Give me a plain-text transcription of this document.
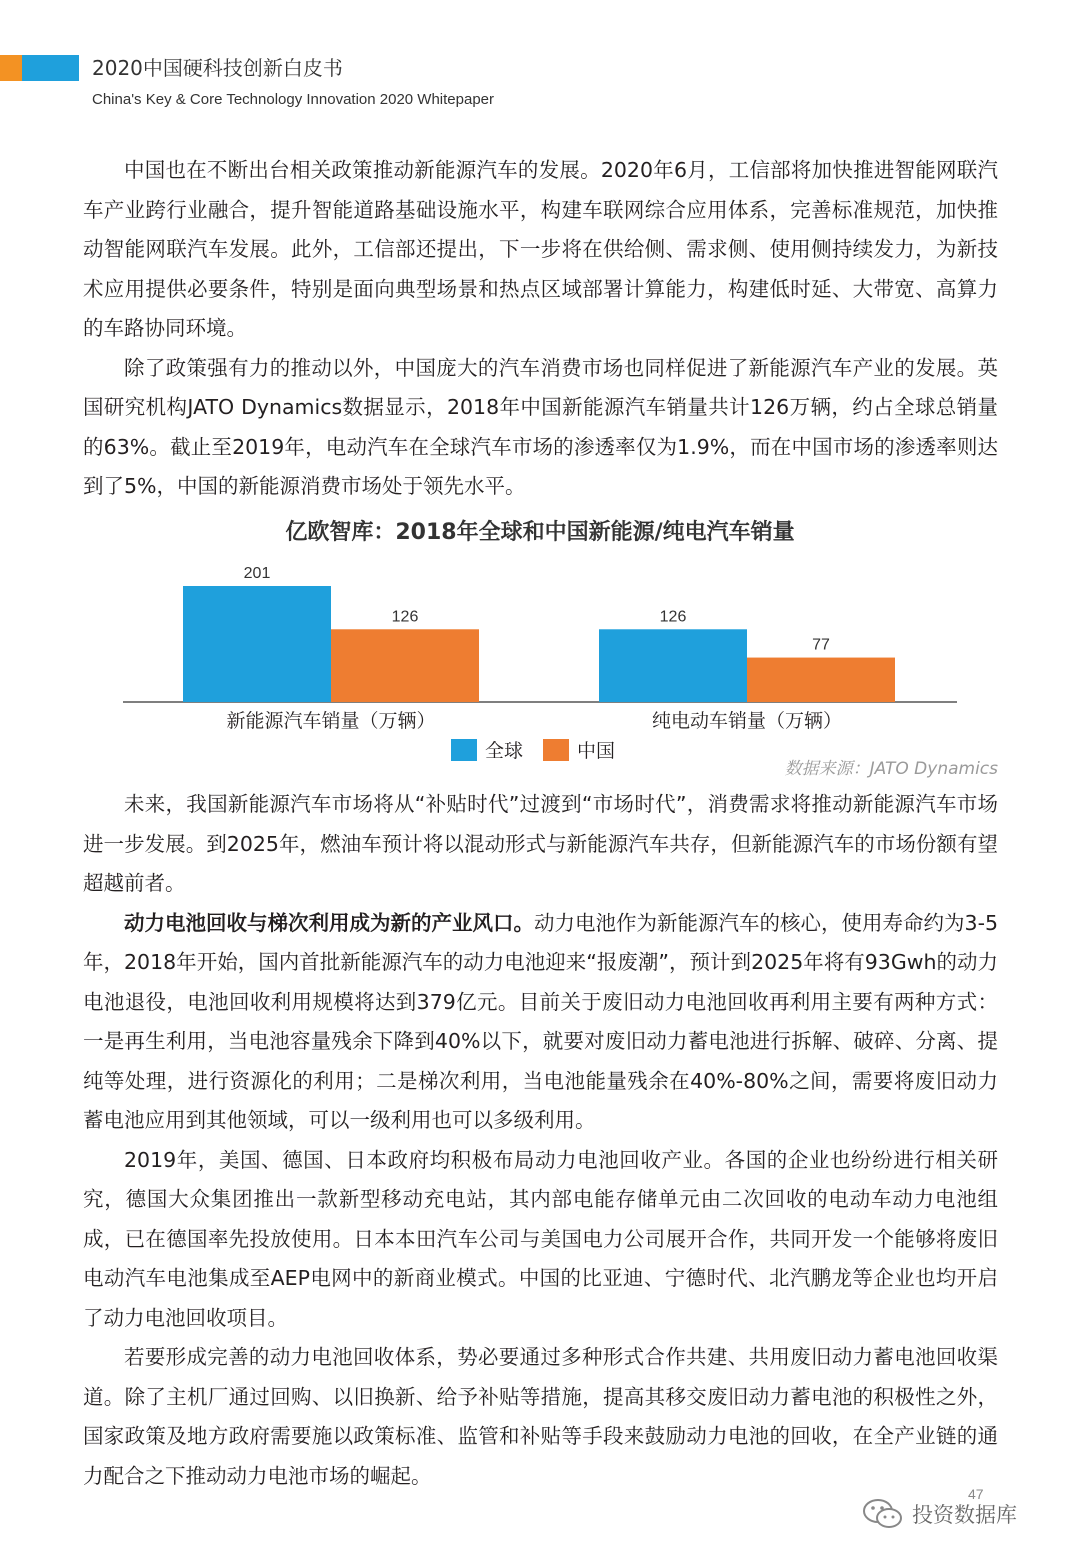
2020中国硬科技创新白皮书
China's Key & Core Technology Innovation 2020 Whitepaper

中国也在不断出台相关政策推动新能源汽车的发展。2020年6月，工信部将加快推进智能网联汽车产业跨行业融合，提升智能道路基础设施水平，构建车联网综合应用体系，完善标准规范，加快推动智能网联汽车发展。此外，工信部还提出，下一步将在供给侧、需求侧、使用侧持续发力，为新技术应用提供必要条件，特别是面向典型场景和热点区域部署计算能力，构建低时延、大带宽、高算力的车路协同环境。

除了政策强有力的推动以外，中国庞大的汽车消费市场也同样促进了新能源汽车产业的发展。英国研究机构JATO Dynamics数据显示，2018年中国新能源汽车销量共计126万辆，约占全球总销量的63%。截止至2019年，电动汽车在全球汽车市场的渗透率仅为1.9%，而在中国市场的渗透率则达到了5%，中国的新能源消费市场处于领先水平。

亿欧智库：2018年全球和中国新能源/纯电汽车销量
201
126
新能源汽车销量（万辆）
126
77
纯电动车销量（万辆）
全球	中国
数据来源：JATO Dynamics

未来，我国新能源汽车市场将从“补贴时代”过渡到“市场时代”，消费需求将推动新能源汽车市场进一步发展。到2025年，燃油车预计将以混动形式与新能源汽车共存，但新能源汽车的市场份额有望超越前者。

动力电池回收与梯次利用成为新的产业风口。动力电池作为新能源汽车的核心，使用寿命约为3-5年，2018年开始，国内首批新能源汽车的动力电池迎来“报废潮”，预计到2025年将有93Gwh的动力电池退役，电池回收利用规模将达到379亿元。目前关于废旧动力电池回收再利用主要有两种方式：一是再生利用，当电池容量残余下降到40%以下，就要对废旧动力蓄电池进行拆解、破碎、分离、提纯等处理，进行资源化的利用；二是梯次利用，当电池能量残余在40%-80%之间，需要将废旧动力蓄电池应用到其他领域，可以一级利用也可以多级利用。

2019年，美国、德国、日本政府均积极布局动力电池回收产业。各国的企业也纷纷进行相关研究，德国大众集团推出一款新型移动充电站，其内部电能存储单元由二次回收的电动车动力电池组成，已在德国率先投放使用。日本本田汽车公司与美国电力公司展开合作，共同开发一个能够将废旧电动汽车电池集成至AEP电网中的新商业模式。中国的比亚迪、宁德时代、北汽鹏龙等企业也均开启了动力电池回收项目。

若要形成完善的动力电池回收体系，势必要通过多种形式合作共建、共用废旧动力蓄电池回收渠道。除了主机厂通过回购、以旧换新、给予补贴等措施，提高其移交废旧动力蓄电池的积极性之外，国家政策及地方政府需要施以政策标准、监管和补贴等手段来鼓励动力电池的回收，在全产业链的通力配合之下推动动力电池市场的崛起。

47
投资数据库
